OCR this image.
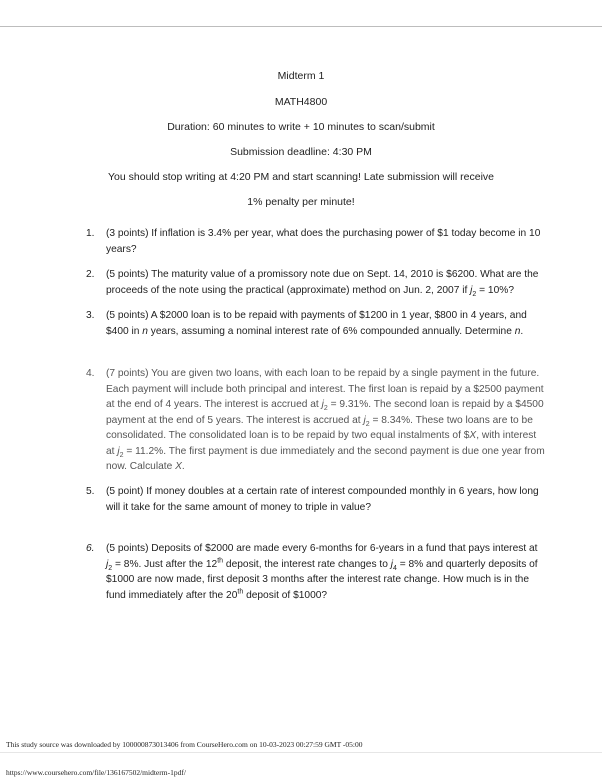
Midterm 1
MATH4800
Duration: 60 minutes to write + 10 minutes to scan/submit
Submission deadline: 4:30 PM
You should stop writing at 4:20 PM and start scanning! Late submission will receive
1% penalty per minute!
1. (3 points) If inflation is 3.4% per year, what does the purchasing power of $1 today become in 10 years?
2. (5 points) The maturity value of a promissory note due on Sept. 14, 2010 is $6200. What are the proceeds of the note using the practical (approximate) method on Jun. 2, 2007 if $j_2 = 10\%$?
3. (5 points) A $2000 loan is to be repaid with payments of $1200 in 1 year, $800 in 4 years, and $400 in n years, assuming a nominal interest rate of 6% compounded annually. Determine n.
4. (7 points) You are given two loans, with each loan to be repaid by a single payment in the future. Each payment will include both principal and interest. The first loan is repaid by a $2500 payment at the end of 4 years. The interest is accrued at $j_2 = 9.31\%$. The second loan is repaid by a $4500 payment at the end of 5 years. The interest is accrued at $j_2 = 8.34\%$. These two loans are to be consolidated. The consolidated loan is to be repaid by two equal instalments of $X, with interest at $j_2 = 11.2\%$. The first payment is due immediately and the second payment is due one year from now. Calculate X.
5. (5 point) If money doubles at a certain rate of interest compounded monthly in 6 years, how long will it take for the same amount of money to triple in value?
6. (5 points) Deposits of $2000 are made every 6-months for 6-years in a fund that pays interest at $j_2 = 8\%$. Just after the 12th deposit, the interest rate changes to $j_4 = 8\%$ and quarterly deposits of $1000 are now made, first deposit 3 months after the interest rate change. How much is in the fund immediately after the 20th deposit of $1000?
This study source was downloaded by 100000873013406 from CourseHero.com on 10-03-2023 00:27:59 GMT -05:00
https://www.coursehero.com/file/136167502/midterm-1pdf/
